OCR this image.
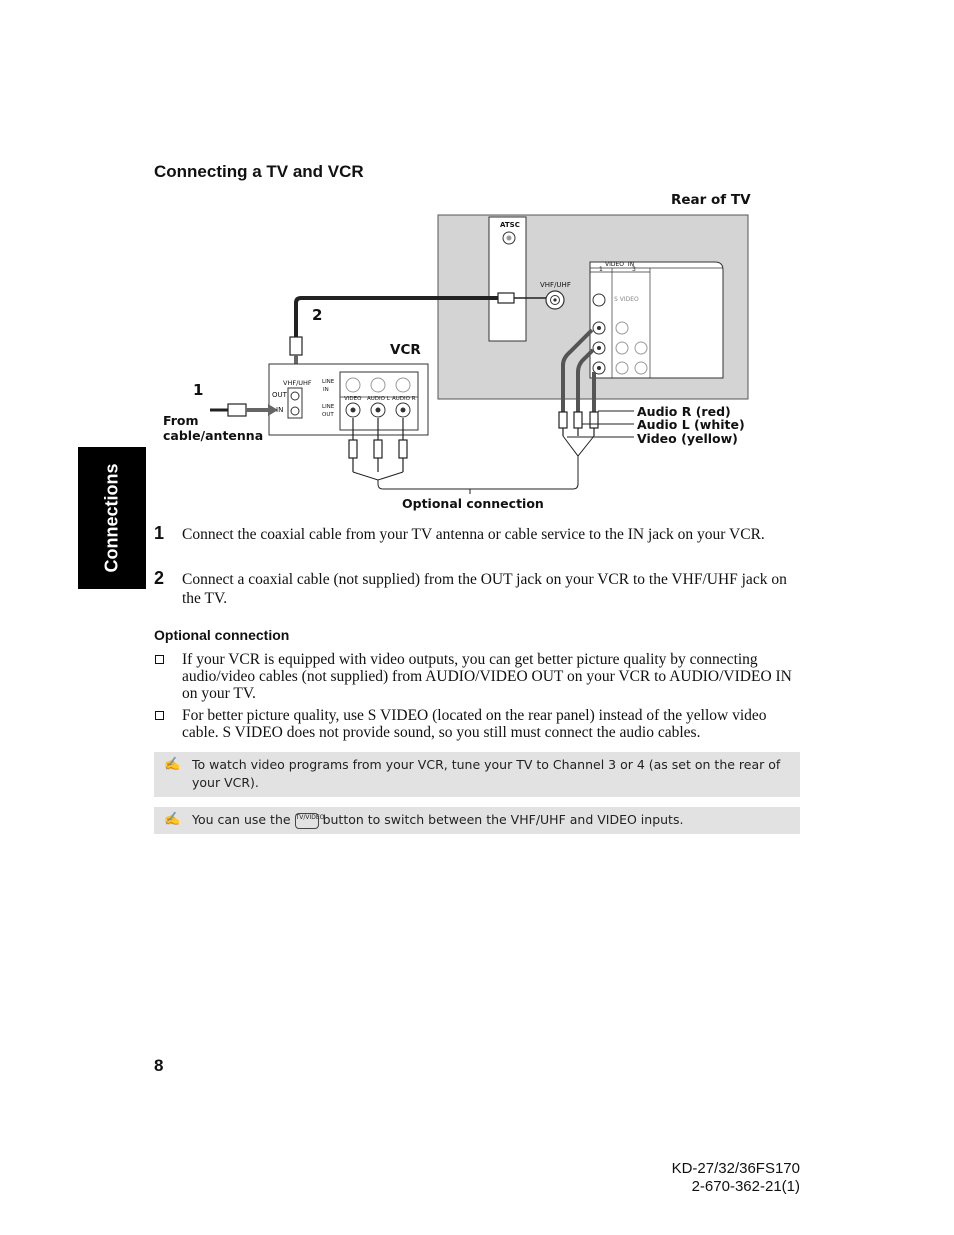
Connections
Connecting a TV and VCR
ATSC
VHF/UHF
VIDEO  IN
1	3
S VIDEO
VHF/UHF
OUT
IN
LINE
IN
LINE
OUT
VIDEO AUDIO L AUDIO R
Rear of TV
VCR
2
1
From
cable/antenna
Audio R (red)
Audio L (white)
Video (yellow)
Optional connection
1 Connect the coaxial cable from your TV antenna or cable service to the IN jack on your VCR.
2 Connect a coaxial cable (not supplied) from the OUT jack on your VCR to the VHF/UHF jack on the TV.
Optional connection
If your VCR is equipped with video outputs, you can get better picture quality by connecting audio/video cables (not supplied) from AUDIO/VIDEO OUT on your VCR to AUDIO/VIDEO IN on your TV.
For better picture quality, use S VIDEO (located on the rear panel) instead of the yellow video cable. S VIDEO does not provide sound, so you still must connect the audio cables.
✍ To watch video programs from your VCR, tune your TV to Channel 3 or 4 (as set on the rear of your VCR).
✍ You can use the TV/VIDEObutton to switch between the VHF/UHF and VIDEO inputs.
8
KD-27/32/36FS170
2-670-362-21(1)
